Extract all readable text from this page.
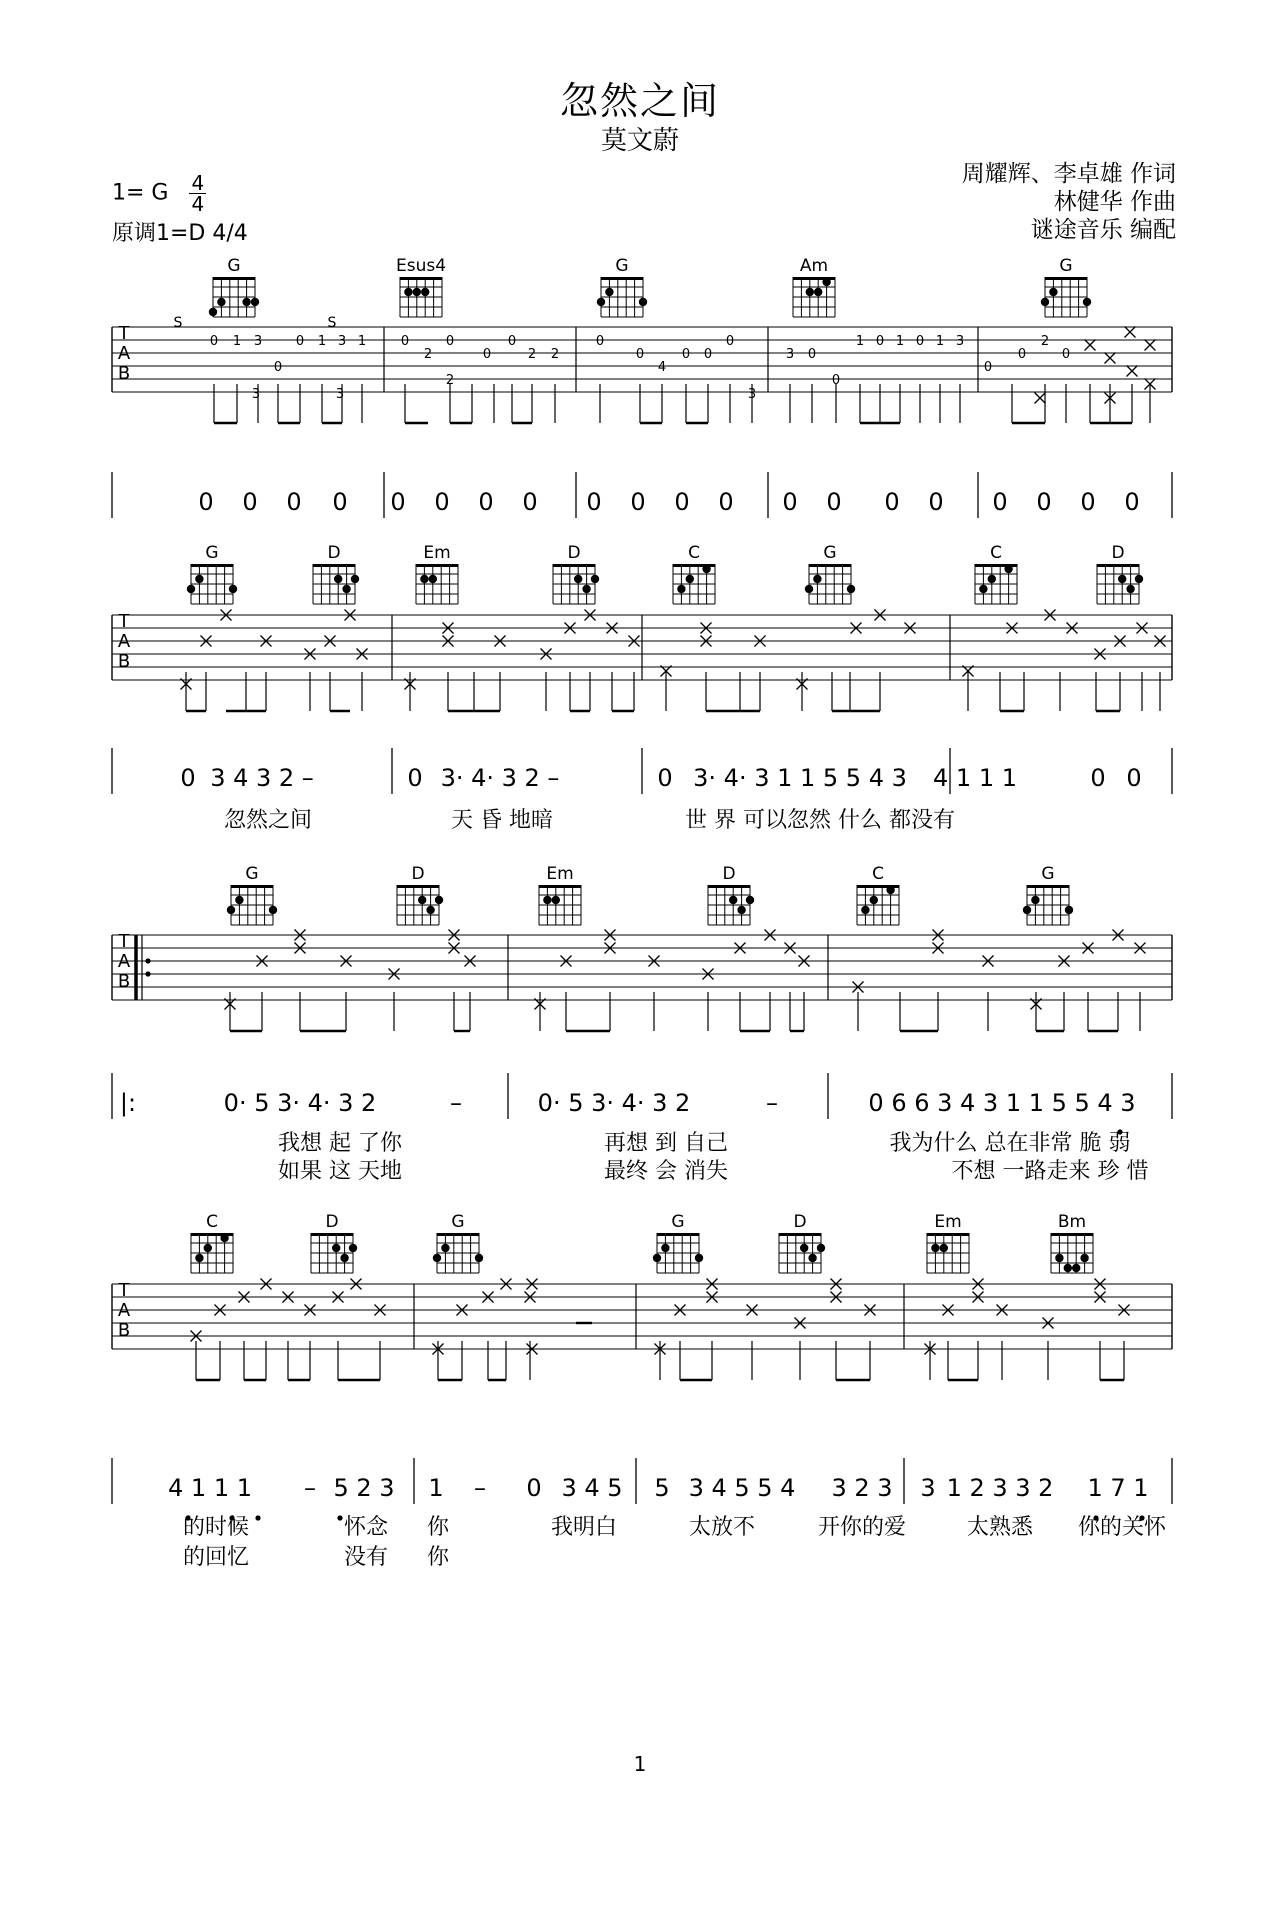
忽然之间
莫文蔚
周耀辉、李卓雄 作词
林健华 作曲
谜途音乐 编配
1= G $\frac{4}{4}$
原调1=D 4/4
1
G	Esus4	G	Am	G
T
A
B
S	S
0 1 3
0
3
0 1 3 1
3
0	0
2
2
0
0
2 2
0
0
4
0 0
0
3
3 0
0
1 0 1 0 1 3
0
0
2
0
0 0 0 0 0 0 0 0 0 0 0 0 0 0 0 0 0 0 0 0
G	D	Em	D	C	G	C	D
T
A
B
0 3 4 3 2 –	0 3· 4· 3 2 –	0 3· 4· 3 1 1 5 5 4 3 4 1 1 1	0 0
忽然之间	天 昏 地暗	世 界 可以忽然 什么 都没有
G	D	Em	D	C	G
T
A
B
|:	0· 5 3· 4· 3 2	–	0· 5 3· 4· 3 2	–	0 6 6 3 4 3 1 1 5 5 4 3
我想 起 了你	再想 到 自己	我为什么 总在非常 脆 弱
如果 这 天地	最终 会 消失	不想 一路走来 珍 惜
C	D	G	G	D	Em	Bm
T
A
B
4 1 1 1 – 5 2 3 1 – 0 3 4 5 5 3 4 5 5 4 3 2 3 3 1 2 3 3 2 1 7 1
的时候	怀念 你	我明白	太放不	开你的爱	太熟悉 你的关怀
的回忆	没有 你
